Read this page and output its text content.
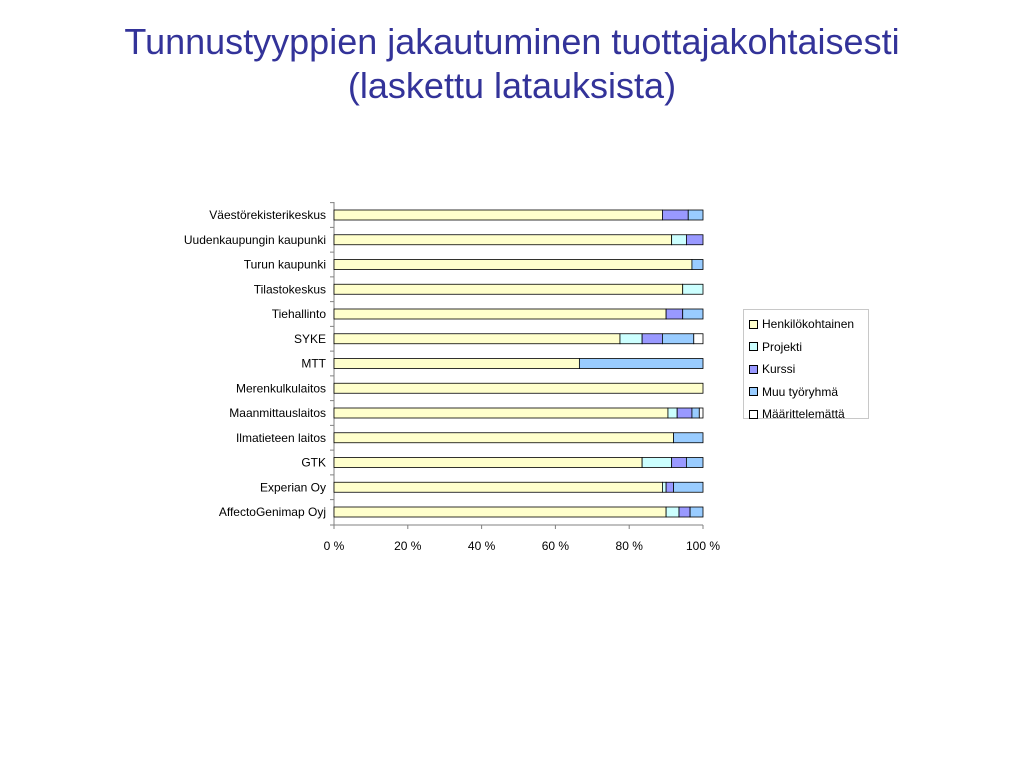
Tunnustyyppien jakautuminen tuottajakohtaisesti
(laskettu latauksista)
Väestörekisterikeskus
Uudenkaupungin kaupunki
Turun kaupunki
Tilastokeskus
Tiehallinto
SYKE
MTT
Merenkulkulaitos
Maanmittauslaitos
Ilmatieteen laitos
GTK
Experian Oy
AffectoGenimap Oyj
0 %	20 %	40 %	60 %	80 %	100 %
Henkilökohtainen
Projekti
Kurssi
Muu työryhmä
Määrittelemättä
